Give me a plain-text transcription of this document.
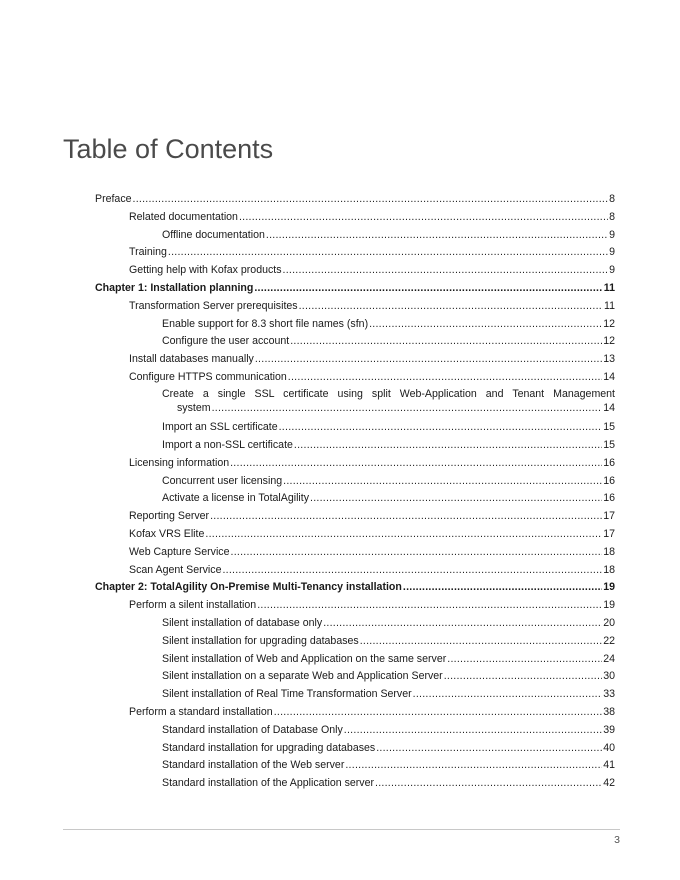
Table of Contents
Preface .....	8
Related documentation .....	8
Offline documentation .....	9
Training .....	9
Getting help with Kofax products .....	9
Chapter 1: Installation planning .....	11
Transformation Server prerequisites .....	11
Enable support for 8.3 short file names (sfn) .....	12
Configure the user account .....	12
Install databases manually .....	13
Configure HTTPS communication .....	14
Create a single SSL certificate using split Web-Application and Tenant Management
system .....	14
Import an SSL certificate .....	15
Import a non-SSL certificate .....	15
Licensing information .....	16
Concurrent user licensing .....	16
Activate a license in TotalAgility .....	16
Reporting Server .....	17
Kofax VRS Elite .....	17
Web Capture Service .....	18
Scan Agent Service .....	18
Chapter 2: TotalAgility On-Premise Multi-Tenancy installation .....	19
Perform a silent installation .....	19
Silent installation of database only .....	20
Silent installation for upgrading databases .....	22
Silent installation of Web and Application on the same server .....	24
Silent installation on a separate Web and Application Server .....	30
Silent installation of Real Time Transformation Server .....	33
Perform a standard installation .....	38
Standard installation of Database Only .....	39
Standard installation for upgrading databases .....	40
Standard installation of the Web server .....	41
Standard installation of the Application server .....	42
3
